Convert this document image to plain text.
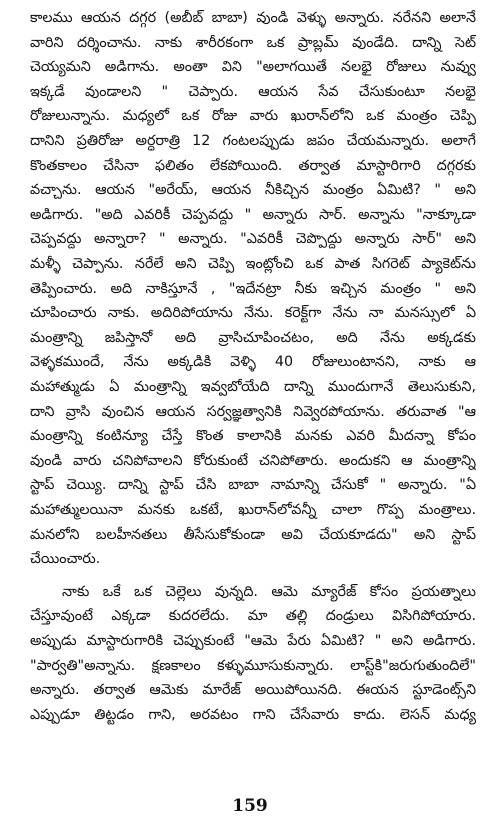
కాలము ఆయన దగ్గర (అబీబ్ బాబా) వుండి వెళ్ళు అన్నారు. నరేనని అలానే
వారిని దర్శించాను. నాకు శారీరకంగా ఒక ప్రాబ్లమ్ వుండేది. దాన్ని సెట్
చెయ్యమని అడిగాను. అంతా విని "అలాగయితే నలభై రోజులు నువ్వు
ఇక్కడే వుండాలని " చెప్పారు. ఆయన సేవ చేసుకుంటూ నలభై
రోజులున్నాను. మధ్యలో ఒక రోజు వారు ఖురాన్‌లోని ఒక మంత్రం చెప్పి
దానిని ప్రతిరోజు అర్ధరాత్రి 12 గంటలప్పుడు జపం చేయమన్నారు. అలాగే
కొంతకాలం చేసినా ఫలితం లేకపోయింది. తర్వాత మాస్టారిగారి దగ్గరకు
వచ్చాను. ఆయన "అరేయ్, ఆయన నీకిచ్చిన మంత్రం ఏమిటి? " అని
అడిగారు. "అది ఎవరికీ చెప్పవద్దు " అన్నారు సార్. అన్నాను "నాక్కూడా
చెప్పవద్దు అన్నారా? " అన్నారు. "ఎవరికీ చెప్పొద్దు అన్నారు సార్" అని
మళ్ళీ చెప్పాను. నరేలే అని చెప్పి ఇంట్లోంచి ఒక పాత సిగరెట్ ప్యాకెట్‌ను
తెప్పించారు. అది నాకిస్తూనే , "ఇదేనట్రా నీకు ఇచ్చిన మంత్రం " అని
చూపించారు నాకు. అదిరిపోయాను నేను. కరెక్ట్‌గా నేను నా మనస్సులో ఏ
మంత్రాన్ని జపిస్తానో అది వ్రాసిచూపించటం, అది నేను అక్కడకు
వెళ్ళకముందే, నేను అక్కడికి వెళ్ళి 40 రోజులుంటానని, నాకు ఆ
మహాత్ముడు ఏ మంత్రాన్ని ఇవ్వబోయేది దాన్ని ముందుగానే తెలుసుకుని,
దాని వ్రాసి వుంచిన ఆయన సర్వజ్ఞత్వానికి నివ్వెరపోయాను. తరువాత "ఆ
మంత్రాన్ని కంటిన్యూ చేస్తే కొంత కాలానికి మనకు ఎవరి మీదన్నా కోపం
వుండి వారు చనిపోవాలని కోరుకుంటే చనిపోతారు. అందుకని ఆ మంత్రాన్ని
స్టాప్ చెయ్యి. దాన్ని స్టాప్ చేసి బాబా నామాన్ని చేసుకో " అన్నారు. "ఏ
మహాత్ములయినా మనకు ఒకటే, ఖురాన్‌లోవన్నీ చాలా గొప్ప మంత్రాలు.
మనలోని బలహీనతలు తీసేసుకోకుండా అవి చేయకూడదు" అని స్టాప్
చేయించారు.
నాకు ఒకే ఒక చెల్లెలు వున్నది. ఆమె మ్యారేజ్ కోసం ప్రయత్నాలు
చేస్తూవుంటే ఎక్కడా కుదరలేదు. మా తల్లి దండ్రులు విసిగిపోయారు.
అప్పుడు మాస్టారుగారికి చెప్పుకుంటే "ఆమె పేరు ఏమిటి? " అని అడిగారు.
"పార్వతి"అన్నాను. క్షణకాలం కళ్ళుమూసుకున్నారు. లాస్ట్‌కి"జరుగుతుందిలే"
అన్నారు. తర్వాత ఆమెకు మారేజ్ అయిపోయినది. ఈయన స్టూడెంట్స్‌ని
ఎప్పుడూ తిట్టడం గాని, అరవటం గాని చేసేవారు కాదు. లెసన్ మధ్య
159
